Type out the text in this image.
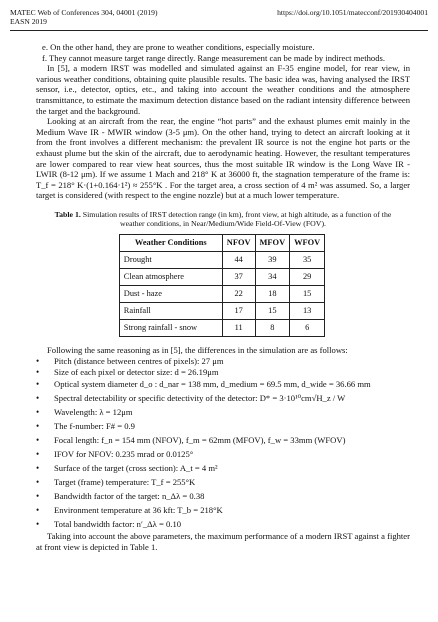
MATEC Web of Conferences 304, 04001 (2019)
EASN 2019
https://doi.org/10.1051/matecconf/201930404001

e. On the other hand, they are prone to weather conditions, especially moisture.

f. They cannot measure target range directly. Range measurement can be made by indirect methods.

In [5], a modern IRST was modelled and simulated against an F-35 engine model, for rear view, in various weather conditions, obtaining quite plausible results. The basic idea was, having analysed the IRST sensor, i.e., detector, optics, etc., and taking into account the weather conditions and the atmosphere transmittance, to estimate the maximum detection distance based on the radiant intensity difference between the target and the background.

Looking at an aircraft from the rear, the engine “hot parts” and the exhaust plumes emit mainly in the Medium Wave IR - MWIR window (3-5 μm). On the other hand, trying to detect an aircraft looking at it from the front involves a different mechanism: the prevalent IR source is not the engine hot parts or the exhaust plume but the skin of the aircraft, due to aerodynamic heating. However, the resultant temperatures are lower compared to rear view heat sources, thus the most suitable IR window is the Long Wave IR - LWIR (8-12 μm). If we assume 1 Mach and 218° K at 36000 ft, the stagnation temperature of the frame is: T_f = 218° K·(1+0.164·1²) ≈ 255°K . For the target area, a cross section of 4 m² was assumed. So, a larger target is considered (with respect to the engine nozzle) but at a much lower temperature.

Table 1. Simulation results of IRST detection range (in km), front view, at high altitude, as a function of the weather conditions, in Near/Medium/Wide Field-Of-View (FOV).
Weather Conditions	NFOV	MFOV	WFOV
Drought	44	39	35
Clean atmosphere	37	34	29
Dust - haze	22	18	15
Rainfall	17	15	13
Strong rainfall - snow	11	8	6

Following the same reasoning as in [5], the differences in the simulation are as follows:

• Pitch (distance between centres of pixels): 27 μm
• Size of each pixel or detector size: d = 26.19μm
• Optical system diameter d_o : d_nar = 138 mm, d_medium = 69.5 mm, d_wide = 36.66 mm
• Spectral detectability or specific detectivity of the detector: D* = 3·10¹⁰cm√H_z / W
• Wavelength: λ = 12μm
• The f-number: F# = 0.9
• Focal length: f_n = 154 mm (NFOV), f_m = 62mm (MFOV), f_w = 33mm (WFOV)
• IFOV for NFOV: 0.235 mrad or 0.0125°
• Surface of the target (cross section): A_t = 4 m²
• Target (frame) temperature: T_f = 255°K
• Bandwidth factor of the target: n_Δλ = 0.38
• Environment temperature at 36 kft: T_b = 218°K
• Total bandwidth factor: n′_Δλ = 0.10

Taking into account the above parameters, the maximum performance of a modern IRST against a fighter at front view is depicted in Table 1.
